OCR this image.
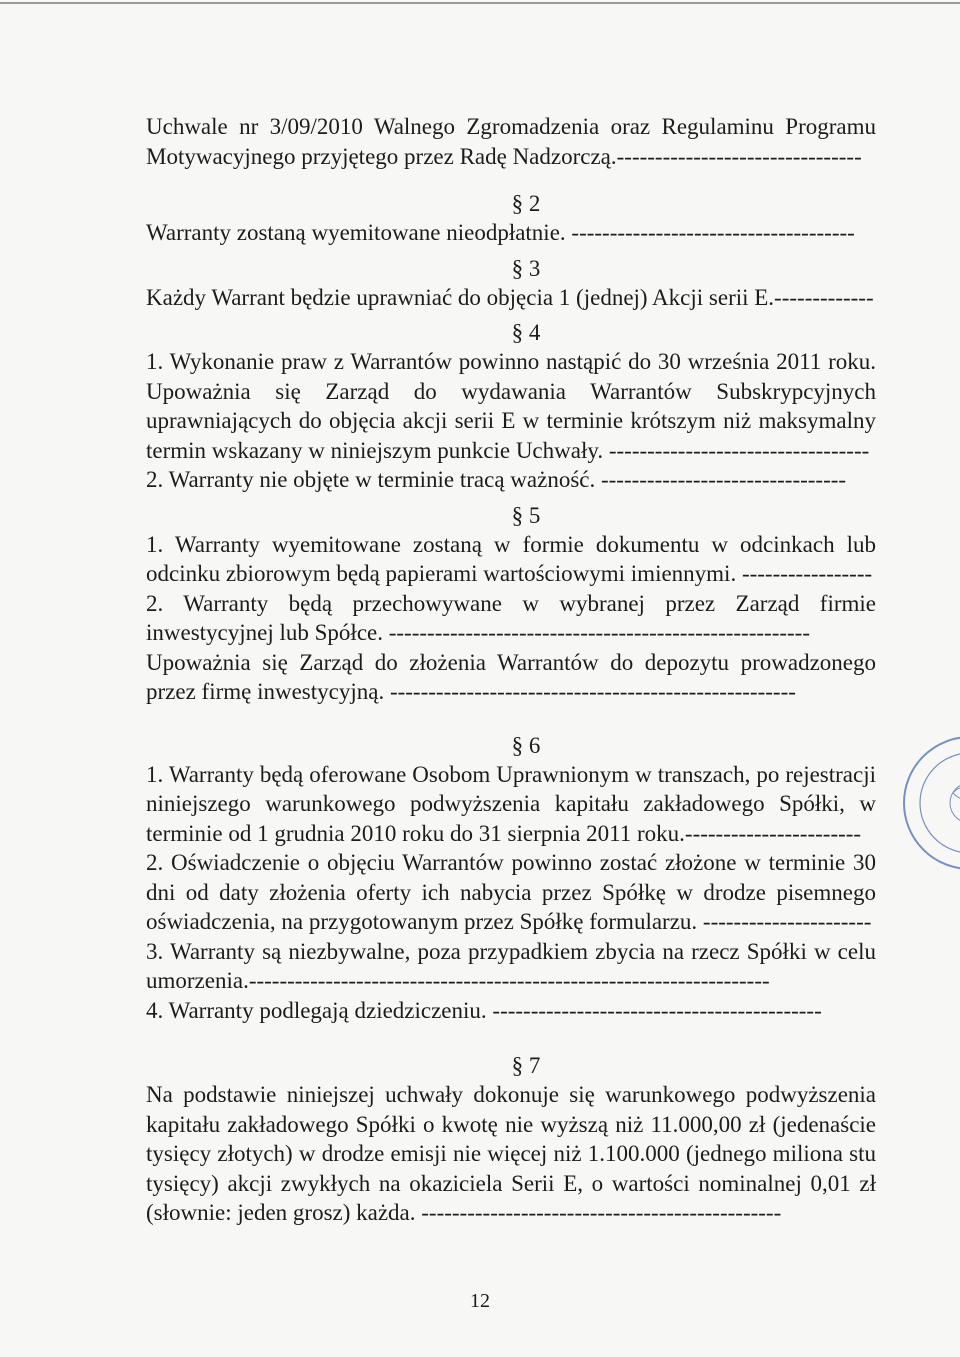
Uchwale nr 3/09/2010 Walnego Zgromadzenia oraz Regulaminu Programu Motywacyjnego przyjętego przez Radę Nadzorczą.--------------------------------

§ 2

Warranty zostaną wyemitowane nieodpłatnie. -------------------------------------

§ 3

Każdy Warrant będzie uprawniać do objęcia 1 (jednej) Akcji serii E.-------------

§ 4

1. Wykonanie praw z Warrantów powinno nastąpić do 30 września 2011 roku. Upoważnia się Zarząd do wydawania Warrantów Subskrypcyjnych uprawniających do objęcia akcji serii E w terminie krótszym niż maksymalny termin wskazany w niniejszym punkcie Uchwały. ----------------------------------

2. Warranty nie objęte w terminie tracą ważność. --------------------------------

§ 5

1. Warranty wyemitowane zostaną w formie dokumentu w odcinkach lub odcinku zbiorowym będą papierami wartościowymi imiennymi. -----------------

2. Warranty będą przechowywane w wybranej przez Zarząd firmie inwestycyjnej lub Spółce. -------------------------------------------------------

Upoważnia się Zarząd do złożenia Warrantów do depozytu prowadzonego przez firmę inwestycyjną. -----------------------------------------------------

§ 6

1. Warranty będą oferowane Osobom Uprawnionym w transzach, po rejestracji niniejszego warunkowego podwyższenia kapitału zakładowego Spółki, w terminie od 1 grudnia 2010 roku do 31 sierpnia 2011 roku.-----------------------

2. Oświadczenie o objęciu Warrantów powinno zostać złożone w terminie 30 dni od daty złożenia oferty ich nabycia przez Spółkę w drodze pisemnego oświadczenia, na przygotowanym przez Spółkę formularzu. ----------------------

3. Warranty są niezbywalne, poza przypadkiem zbycia na rzecz Spółki w celu umorzenia.--------------------------------------------------------------------

4. Warranty podlegają dziedziczeniu. -------------------------------------------

§ 7

Na podstawie niniejszej uchwały dokonuje się warunkowego podwyższenia kapitału zakładowego Spółki o kwotę nie wyższą niż 11.000,00 zł (jedenaście tysięcy złotych) w drodze emisji nie więcej niż 1.100.000 (jednego miliona stu tysięcy) akcji zwykłych na okaziciela Serii E, o wartości nominalnej 0,01 zł (słownie: jeden grosz) każda. -----------------------------------------------

12
